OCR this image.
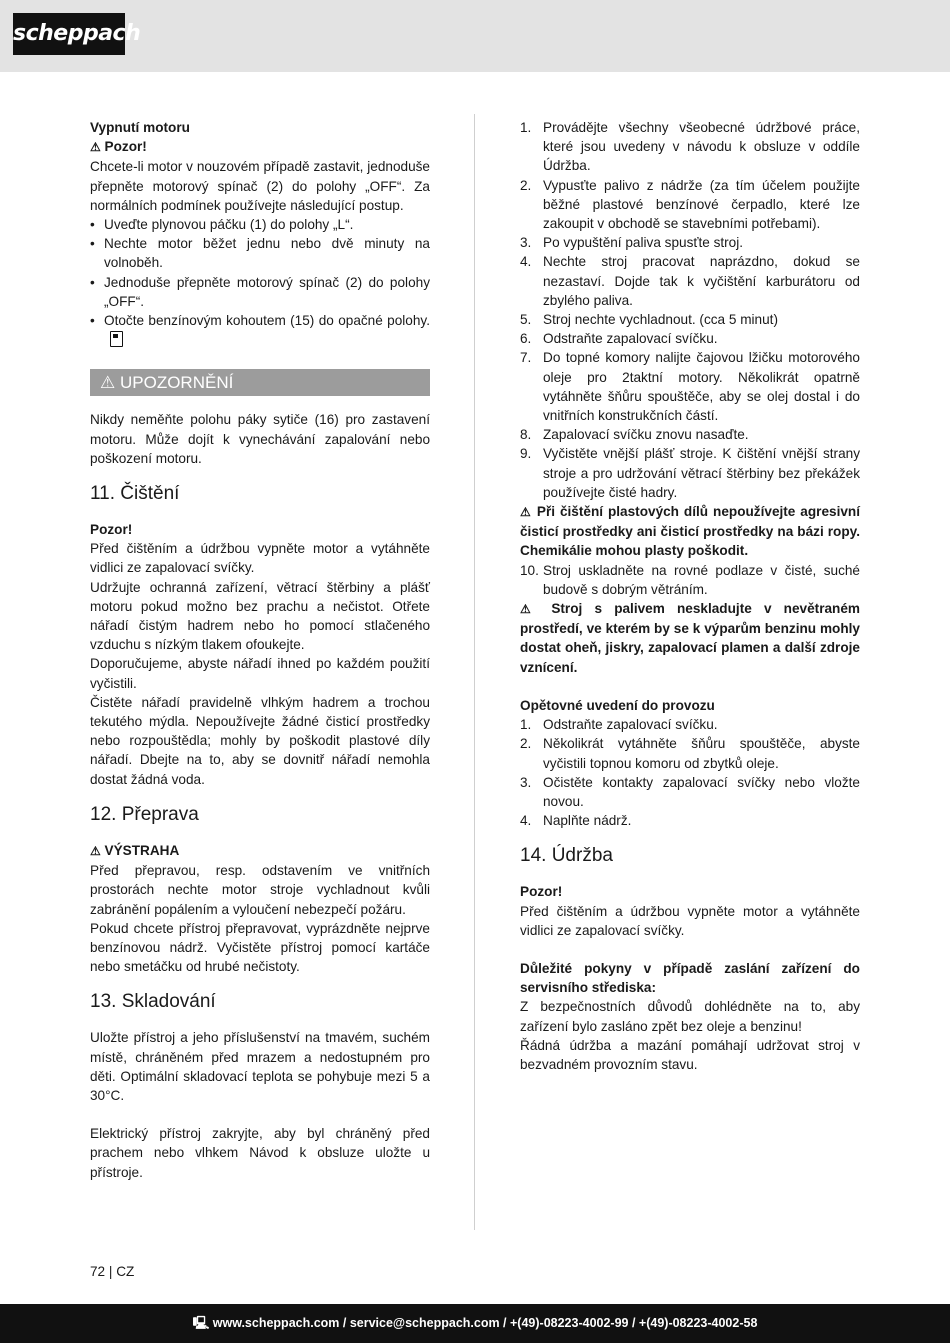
scheppach

Vypnutí motoru

⚠ Pozor!

Chcete-li motor v nouzovém případě zastavit, jednoduše přepněte motorový spínač (2) do polohy „OFF“. Za normálních podmínek používejte následující postup.

• Uveďte plynovou páčku (1) do polohy „L“.
• Nechte motor běžet jednu nebo dvě minuty na volnoběh.
• Jednoduše přepněte motorový spínač (2) do polohy „OFF“.
• Otočte benzínovým kohoutem (15) do opačné polohy.
⚠ UPOZORNĚNÍ

Nikdy neměňte polohu páky sytiče (16) pro zastavení motoru. Může dojít k vynechávání zapalování nebo poškození motoru.

11. Čištění

Pozor!

Před čištěním a údržbou vypněte motor a vytáhněte vidlici ze zapalovací svíčky.

Udržujte ochranná zařízení, větrací štěrbiny a plášť motoru pokud možno bez prachu a nečistot. Otřete nářadí čistým hadrem nebo ho pomocí stlačeného vzduchu s nízkým tlakem ofoukejte.

Doporučujeme, abyste nářadí ihned po každém použití vyčistili.

Čistěte nářadí pravidelně vlhkým hadrem a trochou tekutého mýdla. Nepoužívejte žádné čisticí prostředky nebo rozpouštědla; mohly by poškodit plastové díly nářadí. Dbejte na to, aby se dovnitř nářadí nemohla dostat žádná voda.

12. Přeprava

⚠ VÝSTRAHA

Před přepravou, resp. odstavením ve vnitřních prostorách nechte motor stroje vychladnout kvůli zabránění popálením a vyloučení nebezpečí požáru.

Pokud chcete přístroj přepravovat, vyprázdněte nejprve benzínovou nádrž. Vyčistěte přístroj pomocí kartáče nebo smetáčku od hrubé nečistoty.

13. Skladování

Uložte přístroj a jeho příslušenství na tmavém, suchém místě, chráněném před mrazem a nedostupném pro děti. Optimální skladovací teplota se pohybuje mezi 5 a 30°C.

Elektrický přístroj zakryjte, aby byl chráněný před prachem nebo vlhkem Návod k obsluze uložte u přístroje.

1. Provádějte všechny všeobecné údržbové práce, které jsou uvedeny v návodu k obsluze v oddíle Údržba.
2. Vypusťte palivo z nádrže (za tím účelem použijte běžné plastové benzínové čerpadlo, které lze zakoupit v obchodě se stavebními potřebami).
3. Po vypuštění paliva spusťte stroj.
4. Nechte stroj pracovat naprázdno, dokud se nezastaví. Dojde tak k vyčištění karburátoru od zbylého paliva.
5. Stroj nechte vychladnout. (cca 5 minut)
6. Odstraňte zapalovací svíčku.
7. Do topné komory nalijte čajovou lžičku motorového oleje pro 2taktní motory. Několikrát opatrně vytáhněte šňůru spouštěče, aby se olej dostal i do vnitřních konstrukčních částí.
8. Zapalovací svíčku znovu nasaďte.
9. Vyčistěte vnější plášť stroje. K čištění vnější strany stroje a pro udržování větrací štěrbiny bez překážek používejte čisté hadry.

⚠ Při čištění plastových dílů nepoužívejte agresivní čisticí prostředky ani čisticí prostředky na bázi ropy. Chemikálie mohou plasty poškodit.

10. Stroj uskladněte na rovné podlaze v čisté, suché budově s dobrým větráním.

⚠ Stroj s palivem neskladujte v nevětraném prostředí, ve kterém by se k výparům benzinu mohly dostat oheň, jiskry, zapalovací plamen a další zdroje vznícení.

Opětovné uvedení do provozu

1. Odstraňte zapalovací svíčku.
2. Několikrát vytáhněte šňůru spouštěče, abyste vyčistili topnou komoru od zbytků oleje.
3. Očistěte kontakty zapalovací svíčky nebo vložte novou.
4. Naplňte nádrž.
14. Údržba

Pozor!

Před čištěním a údržbou vypněte motor a vytáhněte vidlici ze zapalovací svíčky.

Důležité pokyny v případě zaslání zařízení do servisního střediska:

Z bezpečnostních důvodů dohlédněte na to, aby zařízení bylo zasláno zpět bez oleje a benzinu!

Řádná údržba a mazání pomáhají udržovat stroj v bezvadném provozním stavu.

72 | CZ
🖳 www.scheppach.com / service@scheppach.com / +(49)-08223-4002-99 / +(49)-08223-4002-58
